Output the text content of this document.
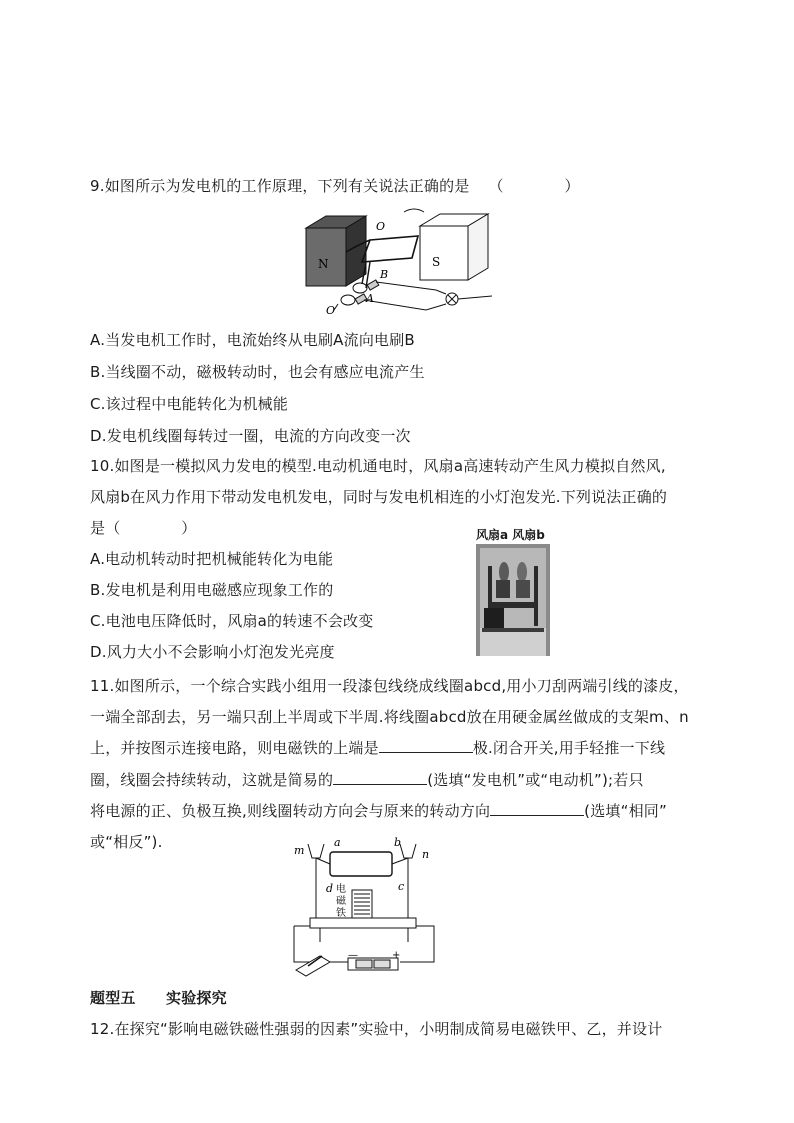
9.如图所示为发电机的工作原理，下列有关说法正确的是 （　　　　）
N	S
O
O
B
A
A.当发电机工作时，电流始终从电刷A流向电刷B
B.当线圈不动，磁极转动时，也会有感应电流产生
C.该过程中电能转化为机械能
D.发电机线圈每转过一圈，电流的方向改变一次
10.如图是一模拟风力发电的模型.电动机通电时，风扇a高速转动产生风力模拟自然风,
风扇b在风力作用下带动发电机发电，同时与发电机相连的小灯泡发光.下列说法正确的
是（　　　　）
A.电动机转动时把机械能转化为电能
B.发电机是利用电磁感应现象工作的
C.电池电压降低时，风扇a的转速不会改变
D.风力大小不会影响小灯泡发光亮度
风扇a 风扇b
11.如图所示，一个综合实践小组用一段漆包线绕成线圈abcd,用小刀刮两端引线的漆皮，
一端全部刮去，另一端只刮上半周或下半周.将线圈abcd放在用硬金属丝做成的支架m、n
上，并按图示连接电路，则电磁铁的上端是	极.闭合开关,用手轻推一下线
圈，线圈会持续转动，这就是简易的	(选填“发电机”或“电动机”);若只
将电源的正、负极互换,则线圈转动方向会与原来的转动方向	(选填“相同”
或“相反”).	a	b
m	n
c
d 电
磁
铁
—	+
题型五　　实验探究
12.在探究“影响电磁铁磁性强弱的因素”实验中，小明制成简易电磁铁甲、乙，并设计
